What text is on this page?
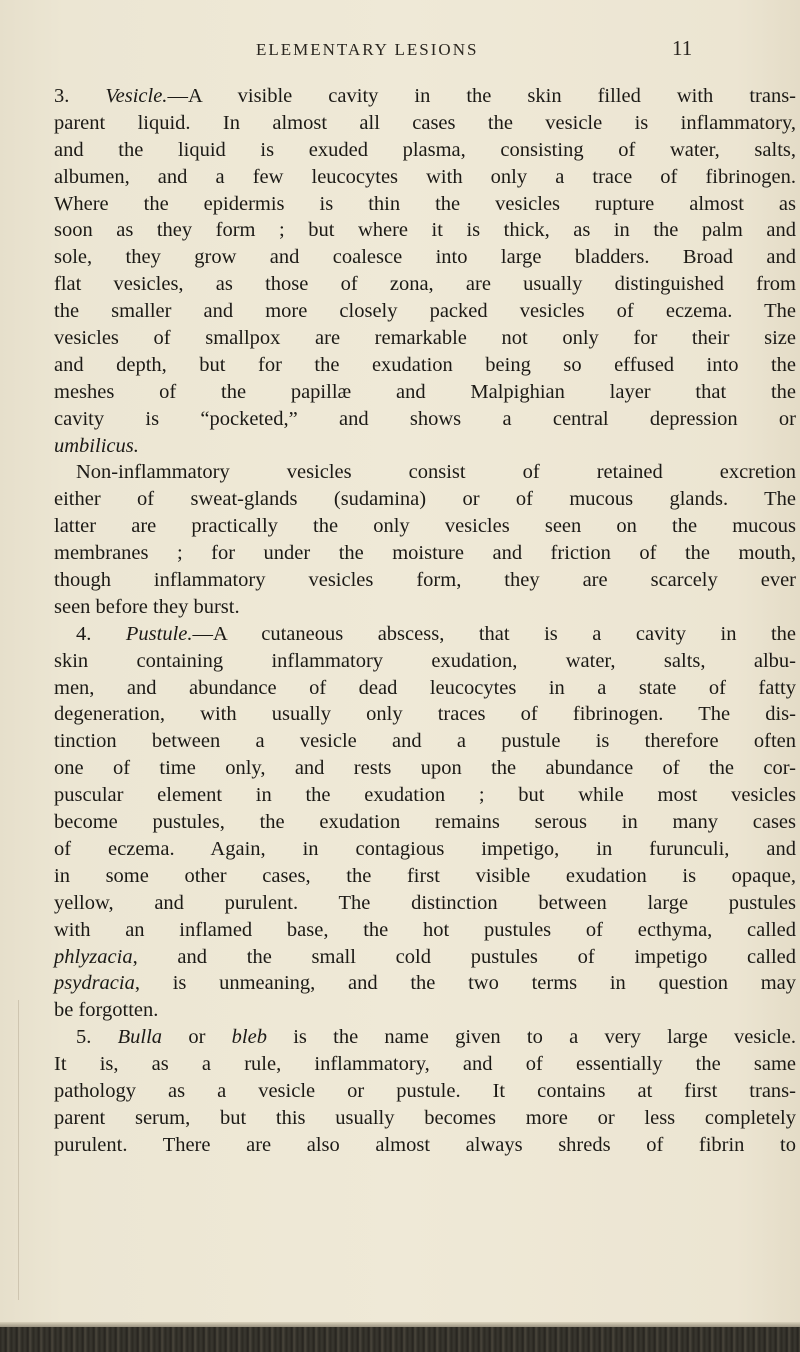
ELEMENTARY LESIONS	11
3. Vesicle.—A visible cavity in the skin filled with trans-
parent liquid. In almost all cases the vesicle is inflammatory,
and the liquid is exuded plasma, consisting of water, salts,
albumen, and a few leucocytes with only a trace of fibrinogen.
Where the epidermis is thin the vesicles rupture almost as
soon as they form ; but where it is thick, as in the palm and
sole, they grow and coalesce into large bladders. Broad and
flat vesicles, as those of zona, are usually distinguished from
the smaller and more closely packed vesicles of eczema. The
vesicles of smallpox are remarkable not only for their size
and depth, but for the exudation being so effused into the
meshes of the papillæ and Malpighian layer that the
cavity is “pocketed,” and shows a central depression or
umbilicus.
Non-inflammatory vesicles consist of retained excretion
either of sweat-glands (sudamina) or of mucous glands. The
latter are practically the only vesicles seen on the mucous
membranes ; for under the moisture and friction of the mouth,
though inflammatory vesicles form, they are scarcely ever
seen before they burst.
4. Pustule.—A cutaneous abscess, that is a cavity in the
skin containing inflammatory exudation, water, salts, albu-
men, and abundance of dead leucocytes in a state of fatty
degeneration, with usually only traces of fibrinogen. The dis-
tinction between a vesicle and a pustule is therefore often
one of time only, and rests upon the abundance of the cor-
puscular element in the exudation ; but while most vesicles
become pustules, the exudation remains serous in many cases
of eczema. Again, in contagious impetigo, in furunculi, and
in some other cases, the first visible exudation is opaque,
yellow, and purulent. The distinction between large pustules
with an inflamed base, the hot pustules of ecthyma, called
phlyzacia, and the small cold pustules of impetigo called
psydracia, is unmeaning, and the two terms in question may
be forgotten.
5. Bulla or bleb is the name given to a very large vesicle.
It is, as a rule, inflammatory, and of essentially the same
pathology as a vesicle or pustule. It contains at first trans-
parent serum, but this usually becomes more or less completely
purulent. There are also almost always shreds of fibrin to
